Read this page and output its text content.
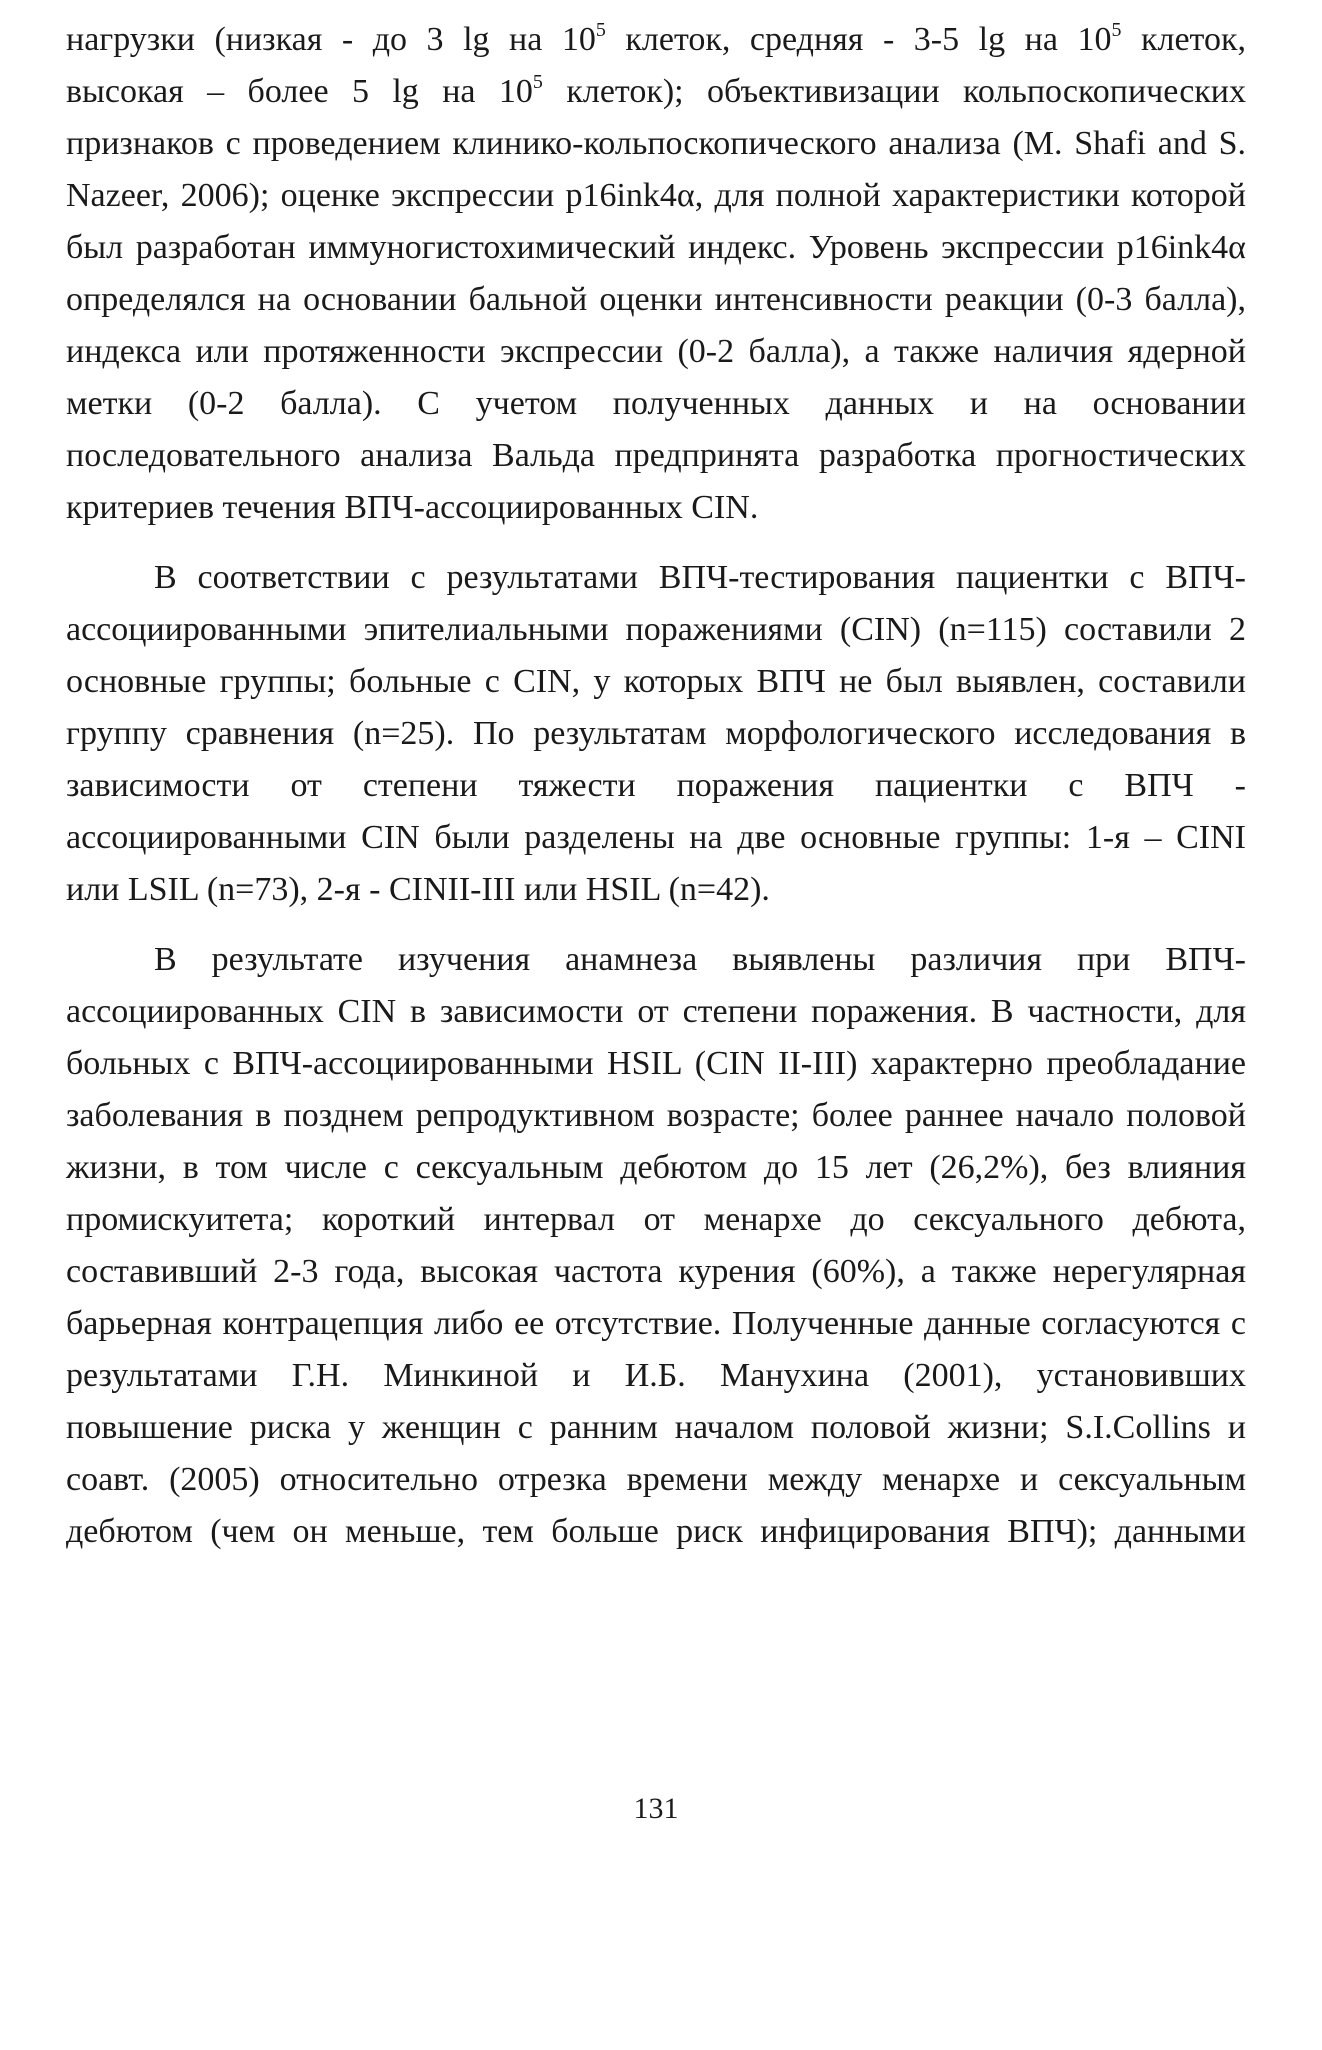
нагрузки (низкая - до 3 lg на $10^5$ клеток, средняя - 3-5 lg на $10^5$ клеток,
высокая – более 5 lg на $10^5$ клеток); объективизации кольпоскопических
признаков с проведением клинико-кольпоскопического анализа (M. Shafi and S.
Nazeer, 2006); оценке экспрессии p16ink4α, для полной характеристики которой
был разработан иммуногистохимический индекс. Уровень экспрессии p16ink4α
определялся на основании бальной оценки интенсивности реакции (0-3 балла),
индекса или протяженности экспрессии (0-2 балла), а также наличия ядерной
метки (0-2 балла). С учетом полученных данных и на основании
последовательного анализа Вальда предпринята разработка прогностических
критериев течения ВПЧ-ассоциированных CIN.
В соответствии с результатами ВПЧ-тестирования пациентки с ВПЧ-
ассоциированными эпителиальными поражениями (CIN) (n=115) составили 2
основные группы; больные с CIN, у которых ВПЧ не был выявлен, составили
группу сравнения (n=25). По результатам морфологического исследования в
зависимости от степени тяжести поражения пациентки с ВПЧ -
ассоциированными CIN были разделены на две основные группы: 1-я – CINI
или LSIL (n=73), 2-я - CINII-III или HSIL (n=42).
В результате изучения анамнеза выявлены различия при ВПЧ-
ассоциированных CIN в зависимости от степени поражения. В частности, для
больных с ВПЧ-ассоциированными HSIL (CIN II-III) характерно преобладание
заболевания в позднем репродуктивном возрасте; более раннее начало половой
жизни, в том числе с сексуальным дебютом до 15 лет (26,2%), без влияния
промискуитета; короткий интервал от менархе до сексуального дебюта,
составивший 2-3 года, высокая частота курения (60%), а также нерегулярная
барьерная контрацепция либо ее отсутствие. Полученные данные согласуются с
результатами Г.Н. Минкиной и И.Б. Манухина (2001), установивших
повышение риска у женщин с ранним началом половой жизни; S.I.Collins и
соавт. (2005) относительно отрезка времени между менархе и сексуальным
дебютом (чем он меньше, тем больше риск инфицирования ВПЧ); данными
131
